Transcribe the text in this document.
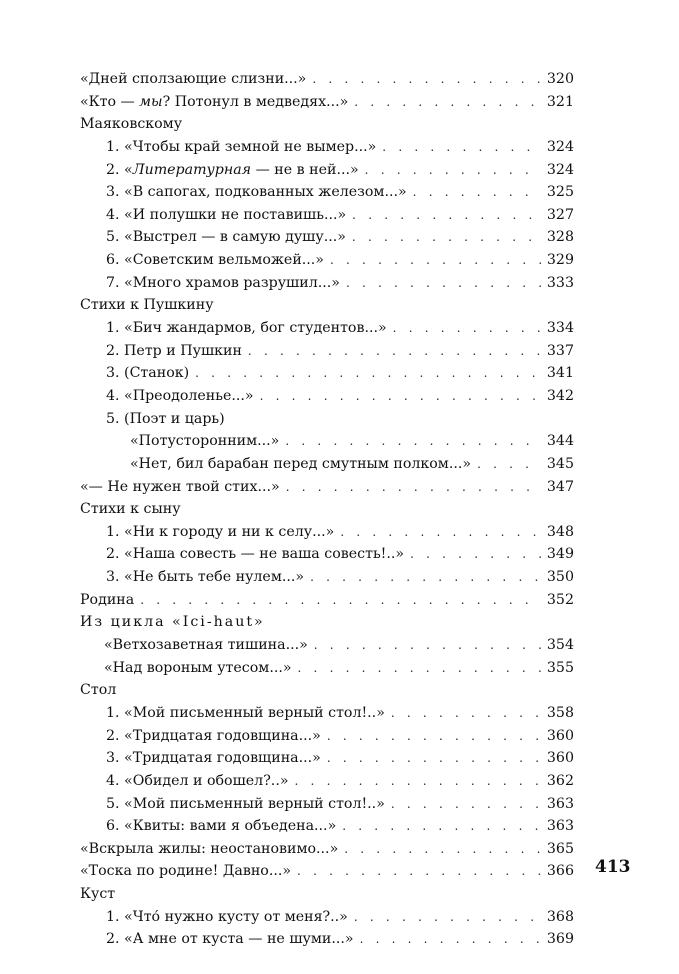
«Дней сползающие слизни...» . . .	320
«Кто — мы? Потонул в медведях...» . . .	321
Маяковскому
1. «Чтобы край земной не вымер...» . . .	324
2. «Литературная — не в ней...» . . .	324
3. «В сапогах, подкованных железом...» . . .	325
4. «И полушки не поставишь...» . . .	327
5. «Выстрел — в самую душу...» . . .	328
6. «Советским вельможей...» . . .	329
7. «Много храмов разрушил...» . . .	333
Стихи к Пушкину
1. «Бич жандармов, бог студентов...» . . .	334
2. Петр и Пушкин . . .	337
3. (Станок) . . .	341
4. «Преодоленье...» . . .	342
5. (Поэт и царь)
«Потусторонним...» . . .	344
«Нет, бил барабан перед смутным полком...» . . .	345
«— Не нужен твой стих...» . . .	347
Стихи к сыну
1. «Ни к городу и ни к селу...» . . .	348
2. «Наша совесть — не ваша совесть!..» . . .	349
3. «Не быть тебе нулем...» . . .	350
Родина . . .	352
Из цикла «Ici-haut»
«Ветхозаветная тишина...» . . .	354
«Над вороным утесом...» . . .	355
Стол
1. «Мой письменный верный стол!..» . . .	358
2. «Тридцатая годовщина...» . . .	360
3. «Тридцатая годовщина...» . . .	360
4. «Обидел и обошел?..» . . .	362
5. «Мой письменный верный стол!..» . . .	363
6. «Квиты: вами я объедена...» . . .	363
«Вскрыла жилы: неостановимо...» . . .	365
«Тоска по родине! Давно...» . . .	366
Куст
1. «Что́ нужно кусту от меня?..» . . .	368
2. «А мне от куста — не шуми...» . . .	369
413
